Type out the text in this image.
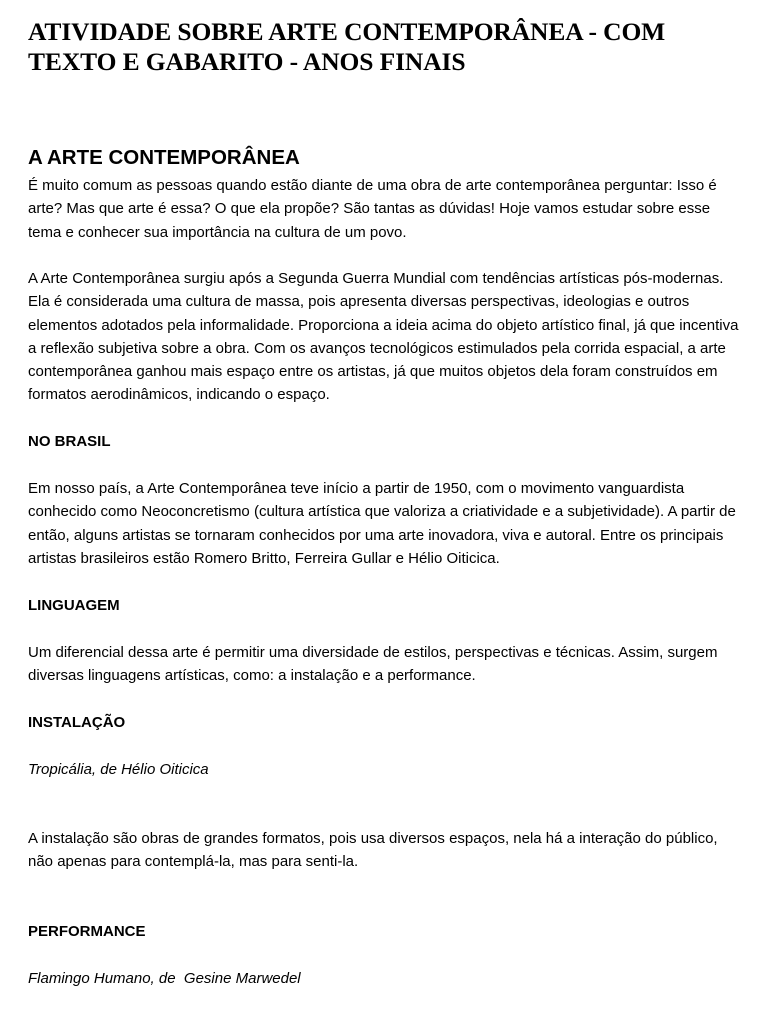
ATIVIDADE SOBRE ARTE CONTEMPORÂNEA - COM TEXTO E GABARITO - ANOS FINAIS
A ARTE CONTEMPORÂNEA

É muito comum as pessoas quando estão diante de uma obra de arte contemporânea perguntar: Isso é arte? Mas que arte é essa? O que ela propõe? São tantas as dúvidas! Hoje vamos estudar sobre esse tema e conhecer sua importância na cultura de um povo.

A Arte Contemporânea surgiu após a Segunda Guerra Mundial com tendências artísticas pós-modernas. Ela é considerada uma cultura de massa, pois apresenta diversas perspectivas, ideologias e outros elementos adotados pela informalidade. Proporciona a ideia acima do objeto artístico final, já que incentiva a reflexão subjetiva sobre a obra. Com os avanços tecnológicos estimulados pela corrida espacial, a arte contemporânea ganhou mais espaço entre os artistas, já que muitos objetos dela foram construídos em formatos aerodinâmicos, indicando o espaço.

NO BRASIL

Em nosso país, a Arte Contemporânea teve início a partir de 1950, com o movimento vanguardista conhecido como Neoconcretismo (cultura artística que valoriza a criatividade e a subjetividade). A partir de então, alguns artistas se tornaram conhecidos por uma arte inovadora, viva e autoral. Entre os principais artistas brasileiros estão Romero Britto, Ferreira Gullar e Hélio Oiticica.

LINGUAGEM

Um diferencial dessa arte é permitir uma diversidade de estilos, perspectivas e técnicas. Assim, surgem diversas linguagens artísticas, como: a instalação e a performance.

INSTALAÇÃO

Tropicália, de Hélio Oiticica

A instalação são obras de grandes formatos, pois usa diversos espaços, nela há a interação do público, não apenas para contemplá-la, mas para senti-la.

PERFORMANCE

Flamingo Humano, de  Gesine Marwedel
